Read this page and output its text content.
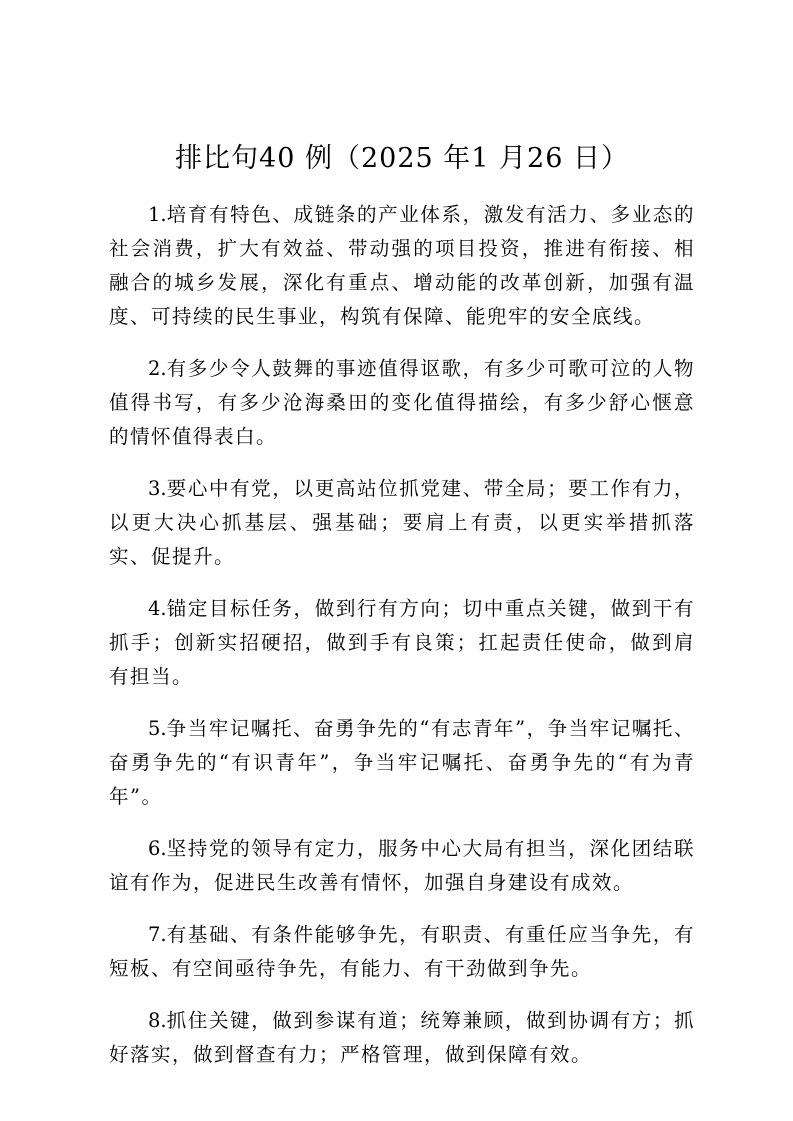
排比句40 例（2025 年1 月26 日）

1.培育有特色、成链条的产业体系，激发有活力、多业态的社会消费，扩大有效益、带动强的项目投资，推进有衔接、相融合的城乡发展，深化有重点、增动能的改革创新，加强有温度、可持续的民生事业，构筑有保障、能兜牢的安全底线。

2.有多少令人鼓舞的事迹值得讴歌，有多少可歌可泣的人物值得书写，有多少沧海桑田的变化值得描绘，有多少舒心惬意的情怀值得表白。

3.要心中有党，以更高站位抓党建、带全局；要工作有力，以更大决心抓基层、强基础；要肩上有责，以更实举措抓落实、促提升。

4.锚定目标任务，做到行有方向；切中重点关键，做到干有抓手；创新实招硬招，做到手有良策；扛起责任使命，做到肩有担当。

5.争当牢记嘱托、奋勇争先的“有志青年”，争当牢记嘱托、奋勇争先的“有识青年”，争当牢记嘱托、奋勇争先的“有为青年”。

6.坚持党的领导有定力，服务中心大局有担当，深化团结联谊有作为，促进民生改善有情怀，加强自身建设有成效。

7.有基础、有条件能够争先，有职责、有重任应当争先，有短板、有空间亟待争先，有能力、有干劲做到争先。

8.抓住关键，做到参谋有道；统筹兼顾，做到协调有方；抓好落实，做到督查有力；严格管理，做到保障有效。
